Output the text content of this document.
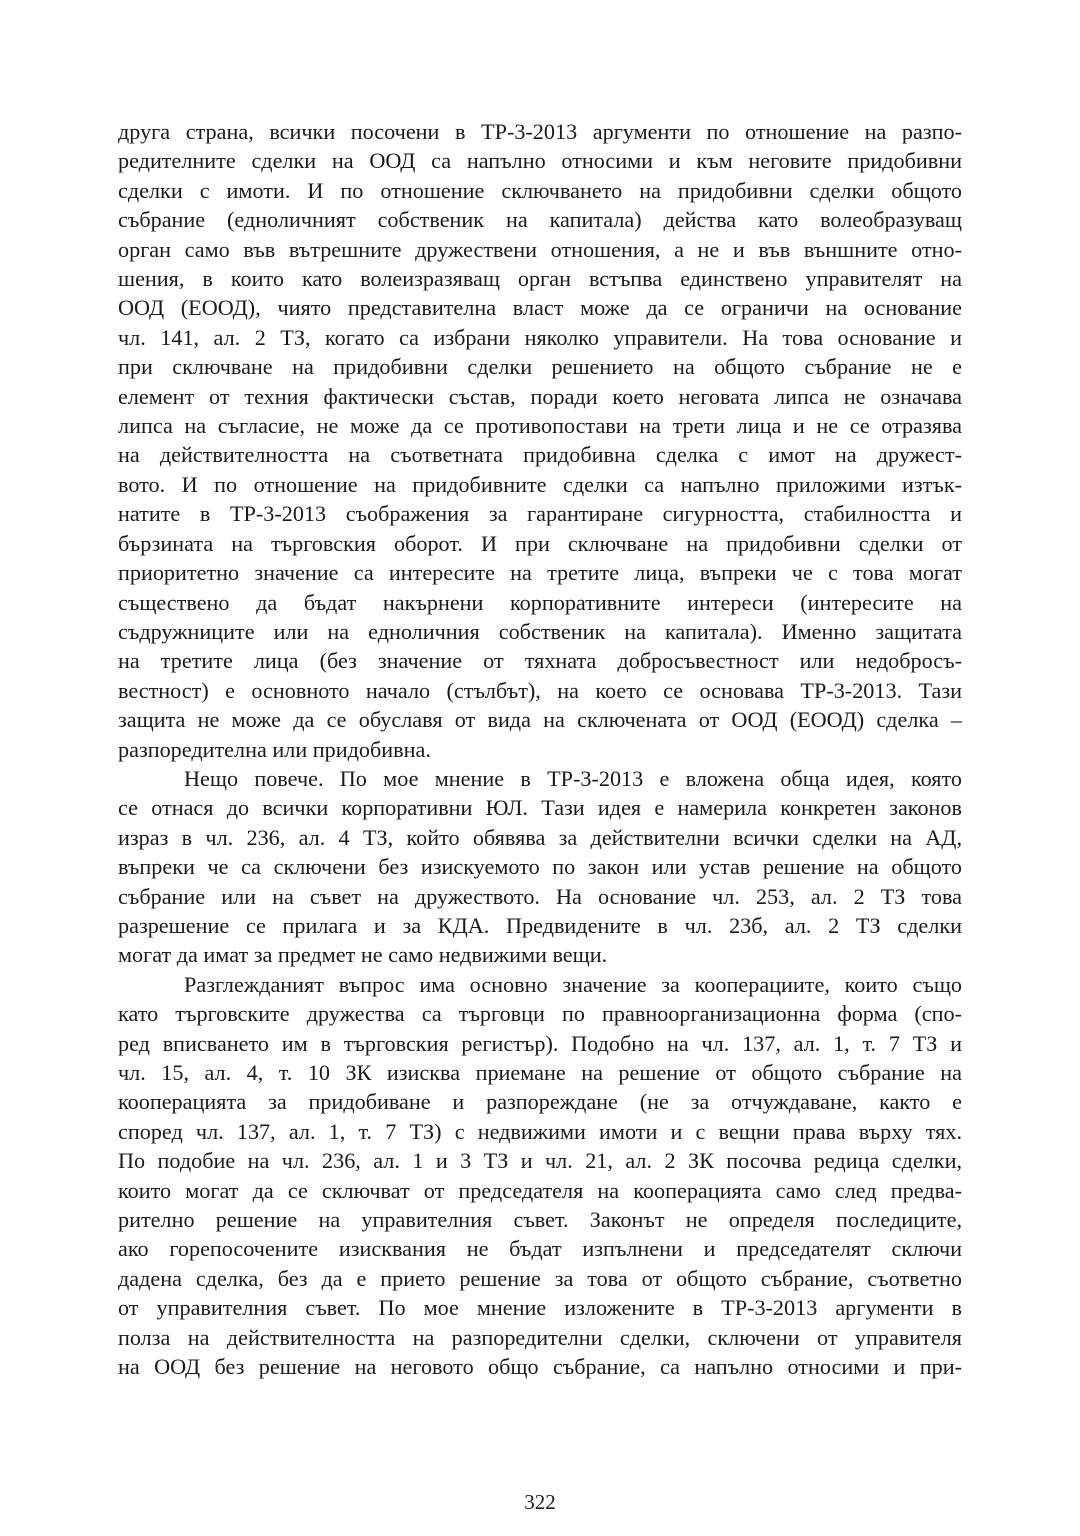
друга страна, всички посочени в ТР-3-2013 аргументи по отношение на разпо-
редителните сделки на ООД са напълно относими и към неговите придобивни
сделки с имоти. И по отношение сключването на придобивни сделки общото
събрание (едноличният собственик на капитала) действа като волеобразуващ
орган само във вътрешните дружествени отношения, а не и във външните отно-
шения, в които като волеизразяващ орган встъпва единствено управителят на
ООД (ЕООД), чиято представителна власт може да се ограничи на основание
чл. 141, ал. 2 ТЗ, когато са избрани няколко управители. На това основание и
при сключване на придобивни сделки решението на общото събрание не е
елемент от техния фактически състав, поради което неговата липса не означава
липса на съгласие, не може да се противопостави на трети лица и не се отразява
на действителността на съответната придобивна сделка с имот на дружест-
вото. И по отношение на придобивните сделки са напълно приложими изтък-
натите в ТР-3-2013 съображения за гарантиране сигурността, стабилността и
бързината на търговския оборот. И при сключване на придобивни сделки от
приоритетно значение са интересите на третите лица, въпреки че с това могат
съществено да бъдат накърнени корпоративните интереси (интересите на
съдружниците или на едноличния собственик на капитала). Именно защитата
на третите лица (без значение от тяхната добросъвестност или недобросъ-
вестност) е основното начало (стълбът), на което се основава ТР-3-2013. Тази
защита не може да се обуславя от вида на сключената от ООД (ЕООД) сделка –
разпоредителна или придобивна.
Нещо повече. По мое мнение в ТР-3-2013 е вложена обща идея, която
се отнася до всички корпоративни ЮЛ. Тази идея е намерила конкретен законов
израз в чл. 236, ал. 4 ТЗ, който обявява за действителни всички сделки на АД,
въпреки че са сключени без изискуемото по закон или устав решение на общото
събрание или на съвет на дружеството. На основание чл. 253, ал. 2 ТЗ това
разрешение се прилага и за КДА. Предвидените в чл. 23б, ал. 2 ТЗ сделки
могат да имат за предмет не само недвижими вещи.
Разглежданият въпрос има основно значение за кооперациите, които също
като търговските дружества са търговци по правноорганизационна форма (спо-
ред вписването им в търговския регистър). Подобно на чл. 137, ал. 1, т. 7 ТЗ и
чл. 15, ал. 4, т. 10 ЗК изисква приемане на решение от общото събрание на
кооперацията за придобиване и разпореждане (не за отчуждаване, както е
според чл. 137, ал. 1, т. 7 ТЗ) с недвижими имоти и с вещни права върху тях.
По подобие на чл. 236, ал. 1 и 3 ТЗ и чл. 21, ал. 2 ЗК посочва редица сделки,
които могат да се сключват от председателя на кооперацията само след предва-
рително решение на управителния съвет. Законът не определя последиците,
ако горепосочените изисквания не бъдат изпълнени и председателят сключи
дадена сделка, без да е прието решение за това от общото събрание, съответно
от управителния съвет. По мое мнение изложените в ТР-3-2013 аргументи в
полза на действителността на разпоредителни сделки, сключени от управителя
на ООД без решение на неговото общо събрание, са напълно относими и при-
322
